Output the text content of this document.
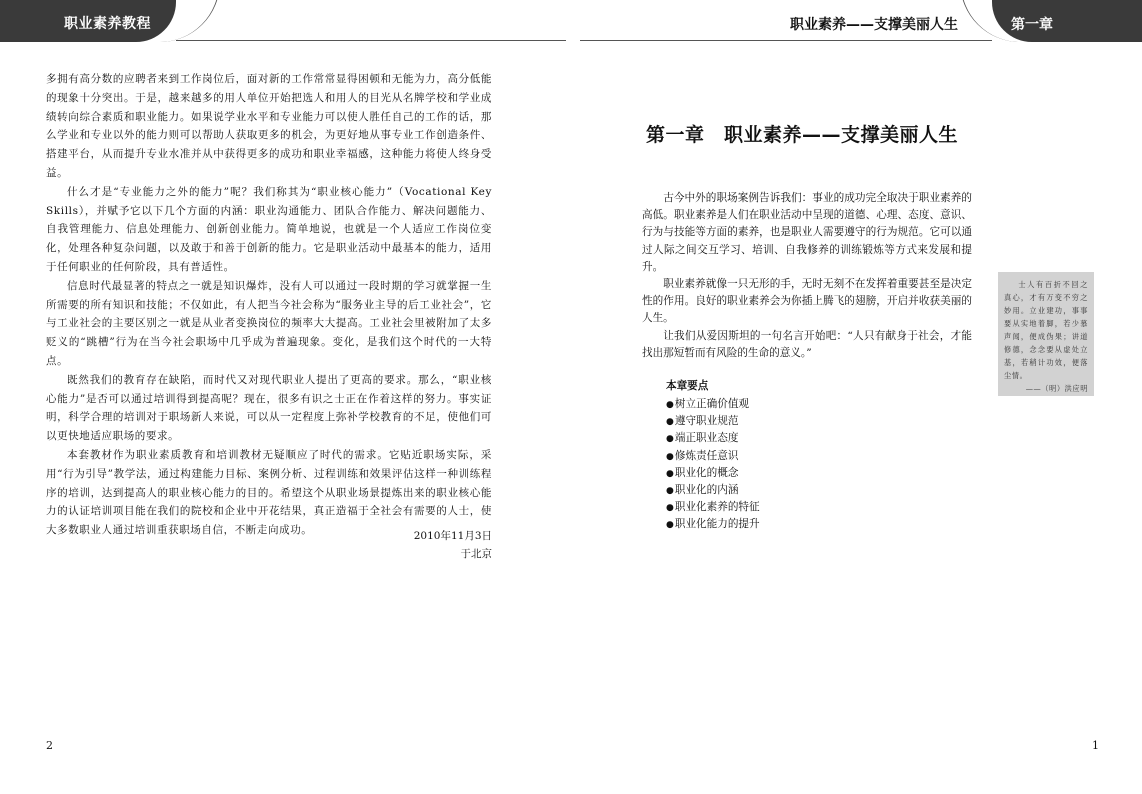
职业素养教程	职业素养——支撑美丽人生	第一章

多拥有高分数的应聘者来到工作岗位后，面对新的工作常常显得困顿和无能为力，高分低能的现象十分突出。于是，越来越多的用人单位开始把选人和用人的目光从名牌学校和学业成绩转向综合素质和职业能力。如果说学业水平和专业能力可以使人胜任自己的工作的话，那么学业和专业以外的能力则可以帮助人获取更多的机会，为更好地从事专业工作创造条件、搭建平台，从而提升专业水准并从中获得更多的成功和职业幸福感，这种能力将使人终身受益。

什么才是“专业能力之外的能力”呢？我们称其为“职业核心能力”（Vocational Key Skills），并赋予它以下几个方面的内涵：职业沟通能力、团队合作能力、解决问题能力、自我管理能力、信息处理能力、创新创业能力。简单地说，也就是一个人适应工作岗位变化，处理各种复杂问题，以及敢于和善于创新的能力。它是职业活动中最基本的能力，适用于任何职业的任何阶段，具有普适性。

信息时代最显著的特点之一就是知识爆炸，没有人可以通过一段时期的学习就掌握一生所需要的所有知识和技能；不仅如此，有人把当今社会称为“服务业主导的后工业社会”，它与工业社会的主要区别之一就是从业者变换岗位的频率大大提高。工业社会里被附加了太多贬义的“跳槽”行为在当今社会职场中几乎成为普遍现象。变化，是我们这个时代的一大特点。

既然我们的教育存在缺陷，而时代又对现代职业人提出了更高的要求。那么，“职业核心能力”是否可以通过培训得到提高呢？现在，很多有识之士正在作着这样的努力。事实证明，科学合理的培训对于职场新人来说，可以从一定程度上弥补学校教育的不足，使他们可以更快地适应职场的要求。

本套教材作为职业素质教育和培训教材无疑顺应了时代的需求。它贴近职场实际，采用“行为引导”教学法，通过构建能力目标、案例分析、过程训练和效果评估这样一种训练程序的培训，达到提高人的职业核心能力的目的。希望这个从职业场景提炼出来的职业核心能力的认证培训项目能在我们的院校和企业中开花结果，真正造福于全社会有需要的人士，使大多数职业人通过培训重获职场自信，不断走向成功。	2010年11月3日
于北京
2
第一章　职业素养——支撑美丽人生

古今中外的职场案例告诉我们：事业的成功完全取决于职业素养的高低。职业素养是人们在职业活动中呈现的道德、心理、态度、意识、行为与技能等方面的素养，也是职业人需要遵守的行为规范。它可以通过人际之间交互学习、培训、自我修养的训练锻炼等方式来发展和提升。

职业素养就像一只无形的手，无时无刻不在发挥着重要甚至是决定性的作用。良好的职业素养会为你插上腾飞的翅膀，开启并收获美丽的人生。

让我们从爱因斯坦的一句名言开始吧：“人只有献身于社会，才能找出那短暂而有风险的生命的意义。”

本章要点
●树立正确价值观
●遵守职业规范
●端正职业态度
●修炼责任意识
●职业化的概念
●职业化的内涵
●职业化素养的特征
●职业化能力的提升
士人有百折不回之真心，才有万变不穷之妙用。立业建功，事事要从实地着脚，若少慕声闻，便成伪果；讲道修德，念念要从虚处立基，若稍计功效，便落尘情。
——（明）洪应明
1
